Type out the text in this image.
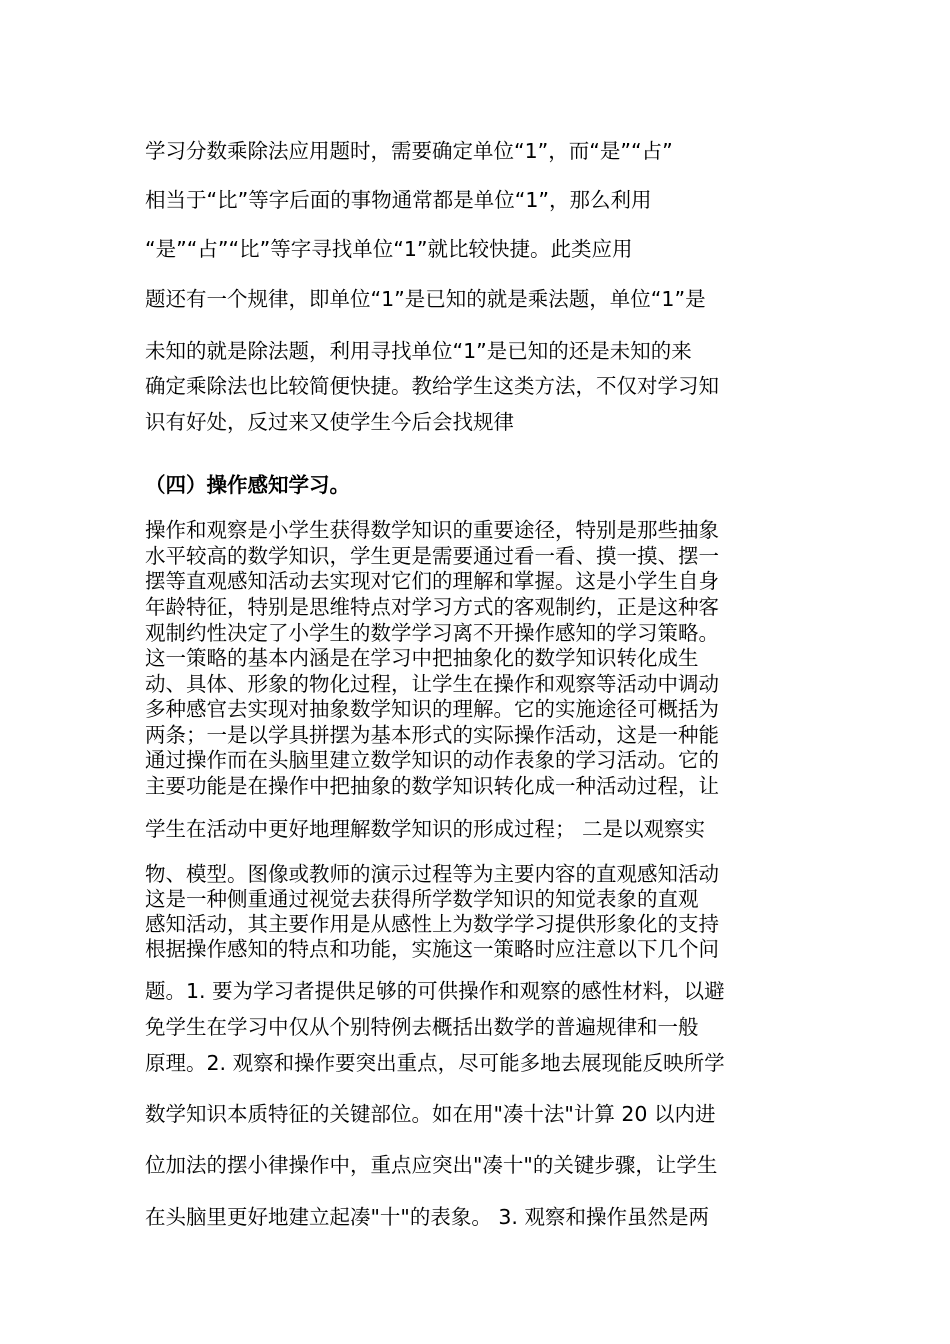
学习分数乘除法应用题时，需要确定单位“1”，而“是”“占”
相当于“比”等字后面的事物通常都是单位“1”，那么利用
“是”“占”“比”等字寻找单位“1”就比较快捷。此类应用
题还有一个规律，即单位“1”是已知的就是乘法题，单位“1”是
未知的就是除法题，利用寻找单位“1”是已知的还是未知的来
确定乘除法也比较简便快捷。教给学生这类方法，不仅对学习知
识有好处，反过来又使学生今后会找规律
（四）操作感知学习。
操作和观察是小学生获得数学知识的重要途径，特别是那些抽象
水平较高的数学知识，学生更是需要通过看一看、摸一摸、摆一
摆等直观感知活动去实现对它们的理解和掌握。这是小学生自身
年龄特征，特别是思维特点对学习方式的客观制约，正是这种客
观制约性决定了小学生的数学学习离不开操作感知的学习策略。
这一策略的基本内涵是在学习中把抽象化的数学知识转化成生
动、具体、形象的物化过程，让学生在操作和观察等活动中调动
多种感官去实现对抽象数学知识的理解。它的实施途径可概括为
两条；一是以学具拼摆为基本形式的实际操作活动，这是一种能
通过操作而在头脑里建立数学知识的动作表象的学习活动。它的
主要功能是在操作中把抽象的数学知识转化成一种活动过程，让
学生在活动中更好地理解数学知识的形成过程； 二是以观察实
物、模型。图像或教师的演示过程等为主要内容的直观感知活动
这是一种侧重通过视觉去获得所学数学知识的知觉表象的直观
感知活动，其主要作用是从感性上为数学学习提供形象化的支持
根据操作感知的特点和功能，实施这一策略时应注意以下几个问
题。1. 要为学习者提供足够的可供操作和观察的感性材料，以避
免学生在学习中仅从个别特例去概括出数学的普遍规律和一般
原理。2. 观察和操作要突出重点，尽可能多地去展现能反映所学
数学知识本质特征的关键部位。如在用"凑十法"计算 20 以内进
位加法的摆小律操作中，重点应突出"凑十"的关键步骤，让学生
在头脑里更好地建立起凑"十"的表象。 3. 观察和操作虽然是两
